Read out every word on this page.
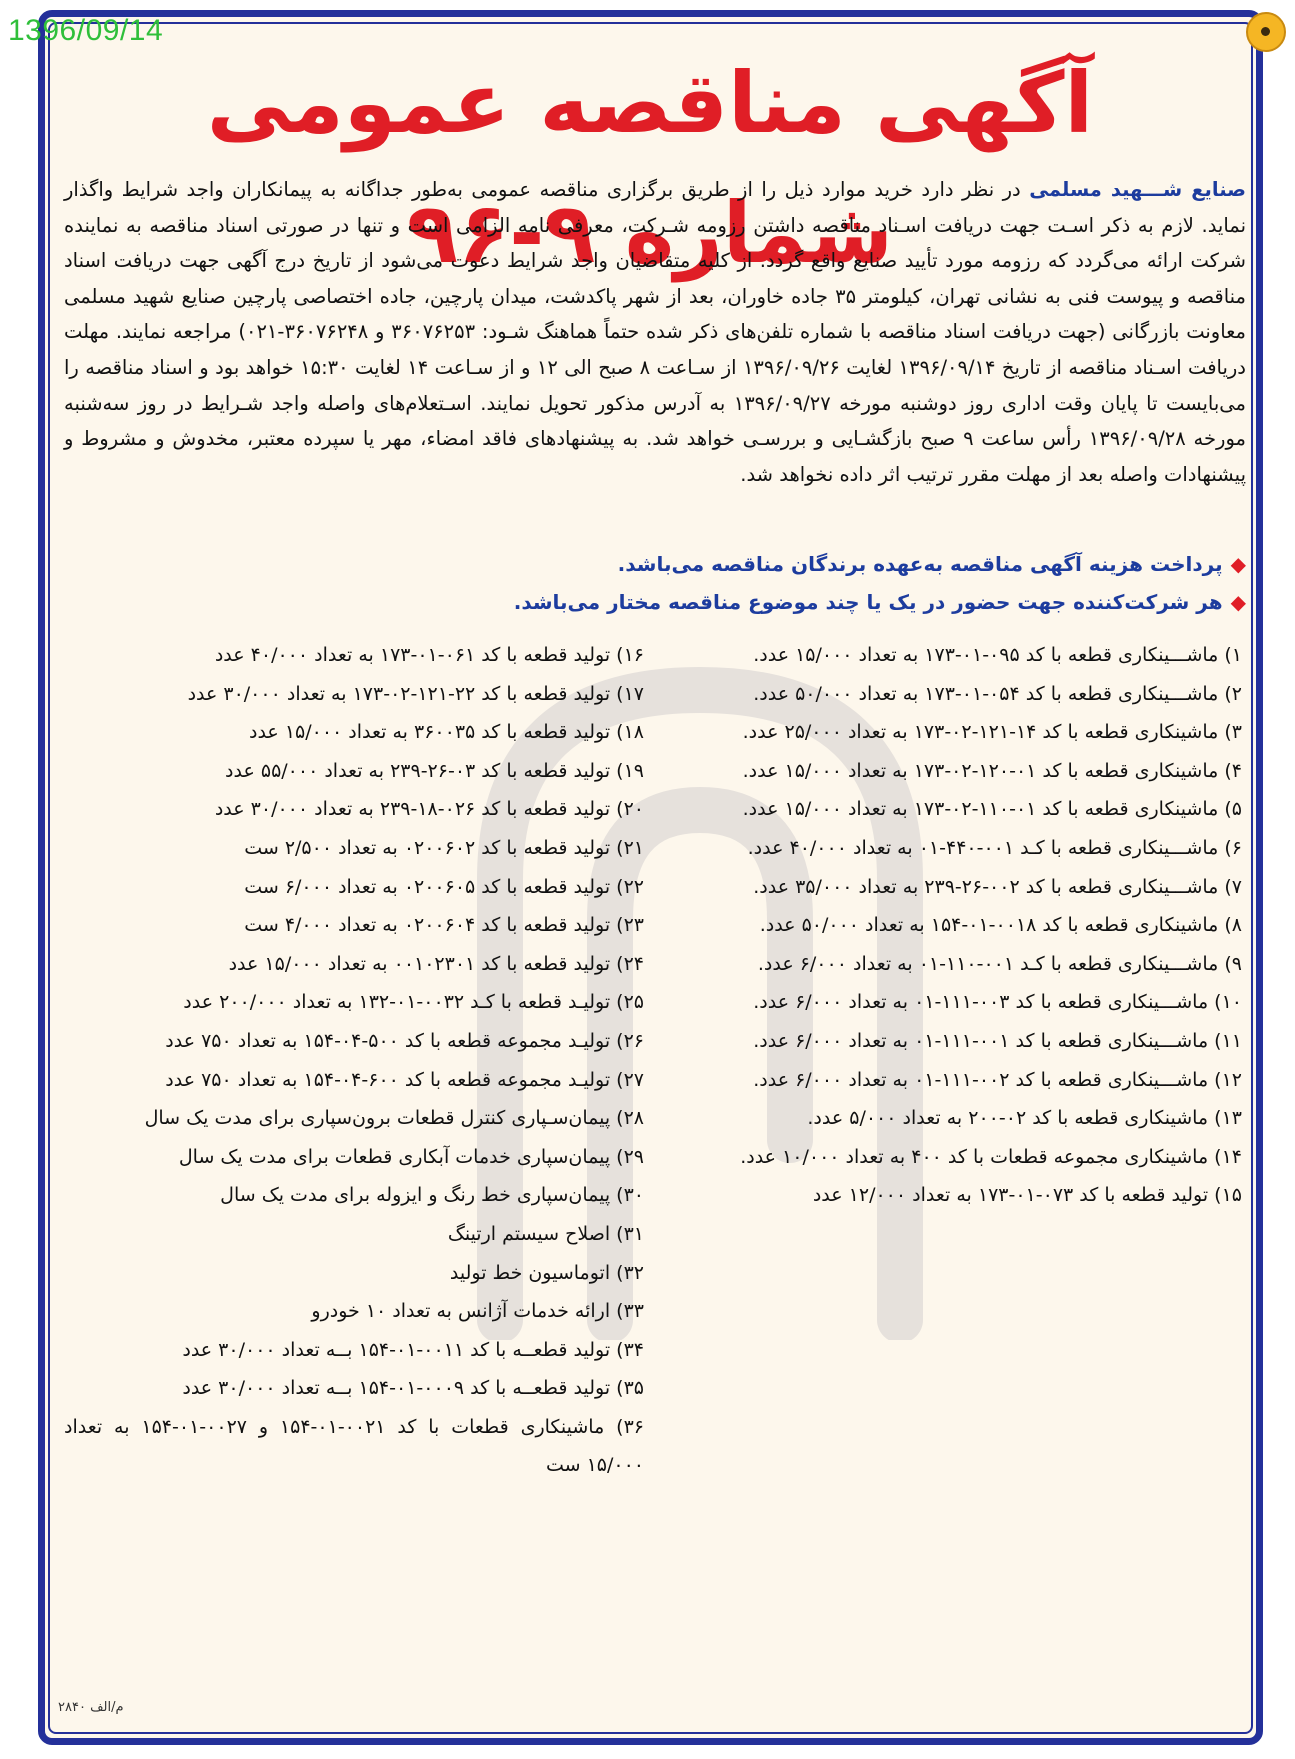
1396/09/14
آگهی مناقصه عمومی شماره ۹-۹۶	صنایع شـــهید مسلمی در نظر دارد خرید موارد ذیل را از طریق برگزاری مناقصه عمومی به‌طور جداگانه به پیمانکاران واجد شرایط واگذار نماید. لازم به ذکر اسـت جهت دریافت اسـناد مناقصه داشتن رزومه شـرکت، معرفی نامه الزامی است و تنها در صورتی اسناد مناقصه به نماینده شرکت ارائه می‌گردد که رزومه مورد تأیید صنایع واقع گردد. از کلیه متقاضیان واجد شرایط دعوت می‌شود از تاریخ درج آگهی جهت دریافت اسناد مناقصه و پیوست فنی به نشانی تهران، کیلومتر ۳۵ جاده خاوران، بعد از شهر پاکدشت، میدان پارچین، جاده اختصاصی پارچین صنایع شهید مسلمی معاونت بازرگانی (جهت دریافت اسناد مناقصه با شماره تلفن‌های ذکر شده حتماً هماهنگ شـود: ۳۶۰۷۶۲۵۳ و ۳۶۰۷۶۲۴۸-۰۲۱) مراجعه نمایند. مهلت دریافت اسـناد مناقصه از تاریخ ۱۳۹۶/۰۹/۱۴ لغایت ۱۳۹۶/۰۹/۲۶ از سـاعت ۸ صبح الی ۱۲ و از سـاعت ۱۴ لغایت ۱۵:۳۰ خواهد بود و اسناد مناقصه را می‌بایست تا پایان وقت اداری روز دوشنبه مورخه ۱۳۹۶/۰۹/۲۷ به آدرس مذکور تحویل نمایند. اسـتعلام‌های واصله واجد شـرایط در روز سه‌شنبه مورخه ۱۳۹۶/۰۹/۲۸ رأس ساعت ۹ صبح بازگشـایی و بررسـی خواهد شد. به پیشنهادهای فاقد امضاء، مهر یا سپرده معتبر، مخدوش و مشروط و پیشنهادات واصله بعد از مهلت مقرر ترتیب اثر داده نخواهد شد.
◆پرداخت هزینه آگهی مناقصه به‌عهده برندگان مناقصه می‌باشد.
◆هر شرکت‌کننده جهت حضور در یک یا چند موضوع مناقصه مختار می‌باشد.
۱) ماشـــینکاری قطعه با کد ۰۹۵-۰۱-۱۷۳ به تعداد ۱۵/۰۰۰ عدد.
۲) ماشـــینکاری قطعه با کد ۰۵۴-۰۱-۱۷۳ به تعداد ۵۰/۰۰۰ عدد.
۳) ماشینکاری قطعه با کد ۱۴-۱۲۱-۰۲-۱۷۳ به تعداد ۲۵/۰۰۰ عدد.
۴) ماشینکاری قطعه با کد ۰۱-۱۲۰-۰۲-۱۷۳ به تعداد ۱۵/۰۰۰ عدد.
۵) ماشینکاری قطعه با کد ۰۱-۱۱۰-۰۲-۱۷۳ به تعداد ۱۵/۰۰۰ عدد.
۶) ماشـــینکاری قطعه با کـد ۰۰۱-۴۴۰-۰۱ به تعداد ۴۰/۰۰۰ عدد.
۷) ماشـــینکاری قطعه با کد ۰۰۲-۲۶-۲۳۹ به تعداد ۳۵/۰۰۰ عدد.
۸) ماشینکاری قطعه با کد ۰۰۱۸-۰۱-۱۵۴ به تعداد ۵۰/۰۰۰ عدد.
۹) ماشـــینکاری قطعه با کـد ۰۰۱-۱۱۰-۰۱ به تعداد ۶/۰۰۰ عدد.
۱۰) ماشـــینکاری قطعه با کد ۰۰۳-۱۱۱-۰۱ به تعداد ۶/۰۰۰ عدد.
۱۱) ماشـــینکاری قطعه با کد ۰۰۱-۱۱۱-۰۱ به تعداد ۶/۰۰۰ عدد.
۱۲) ماشـــینکاری قطعه با کد ۰۰۲-۱۱۱-۰۱ به تعداد ۶/۰۰۰ عدد.
۱۳) ماشینکاری قطعه با کد ۰۲-۲۰۰ به تعداد ۵/۰۰۰ عدد.
۱۴) ماشینکاری مجموعه قطعات با کد ۴۰۰ به تعداد ۱۰/۰۰۰ عدد.
۱۵) تولید قطعه با کد ۰۷۳-۰۱-۱۷۳ به تعداد ۱۲/۰۰۰ عدد
۱۶) تولید قطعه با کد ۰۶۱-۰۱-۱۷۳ به تعداد ۴۰/۰۰۰ عدد
۱۷) تولید قطعه با کد ۲۲-۱۲۱-۰۲-۱۷۳ به تعداد ۳۰/۰۰۰ عدد
۱۸) تولید قطعه با کد ۳۶۰۰۳۵ به تعداد ۱۵/۰۰۰ عدد
۱۹) تولید قطعه با کد ۰۳-۲۶-۲۳۹ به تعداد ۵۵/۰۰۰ عدد
۲۰) تولید قطعه با کد ۰۲۶-۱۸-۲۳۹ به تعداد ۳۰/۰۰۰ عدد
۲۱) تولید قطعه با کد ۰۲۰۰۶۰۲ به تعداد ۲/۵۰۰ ست
۲۲) تولید قطعه با کد ۰۲۰۰۶۰۵ به تعداد ۶/۰۰۰ ست
۲۳) تولید قطعه با کد ۰۲۰۰۶۰۴ به تعداد ۴/۰۰۰ ست
۲۴) تولید قطعه با کد ۰۰۱۰۲۳۰۱ به تعداد ۱۵/۰۰۰ عدد
۲۵) تولیـد قطعه با کـد ۰۰۳۲-۰۱-۱۳۲ به تعداد ۲۰۰/۰۰۰ عدد
۲۶) تولیـد مجموعه قطعه با کد ۵۰۰-۰۴-۱۵۴ به تعداد ۷۵۰ عدد
۲۷) تولیـد مجموعه قطعه با کد ۶۰۰-۰۴-۱۵۴ به تعداد ۷۵۰ عدد
۲۸) پیمان‌سـپاری کنترل قطعات برون‌سپاری برای مدت یک سال
۲۹) پیمان‌سپاری خدمات آبکاری قطعات برای مدت یک سال
۳۰) پیمان‌سپاری خط رنگ و ایزوله برای مدت یک سال
۳۱) اصلاح سیستم ارتینگ
۳۲) اتوماسیون خط تولید
۳۳) ارائه خدمات آژانس به تعداد ۱۰ خودرو
۳۴) تولید قطعــه با کد ۰۰۱۱-۰۱-۱۵۴ بــه تعداد ۳۰/۰۰۰ عدد
۳۵) تولید قطعــه با کد ۰۰۰۹-۰۱-۱۵۴ بــه تعداد ۳۰/۰۰۰ عدد
۳۶) ماشینکاری قطعات با کد ۰۰۲۱-۰۱-۱۵۴ و ۰۰۲۷-۰۱-۱۵۴ به تعداد ۱۵/۰۰۰ ست
م/الف ۲۸۴۰
